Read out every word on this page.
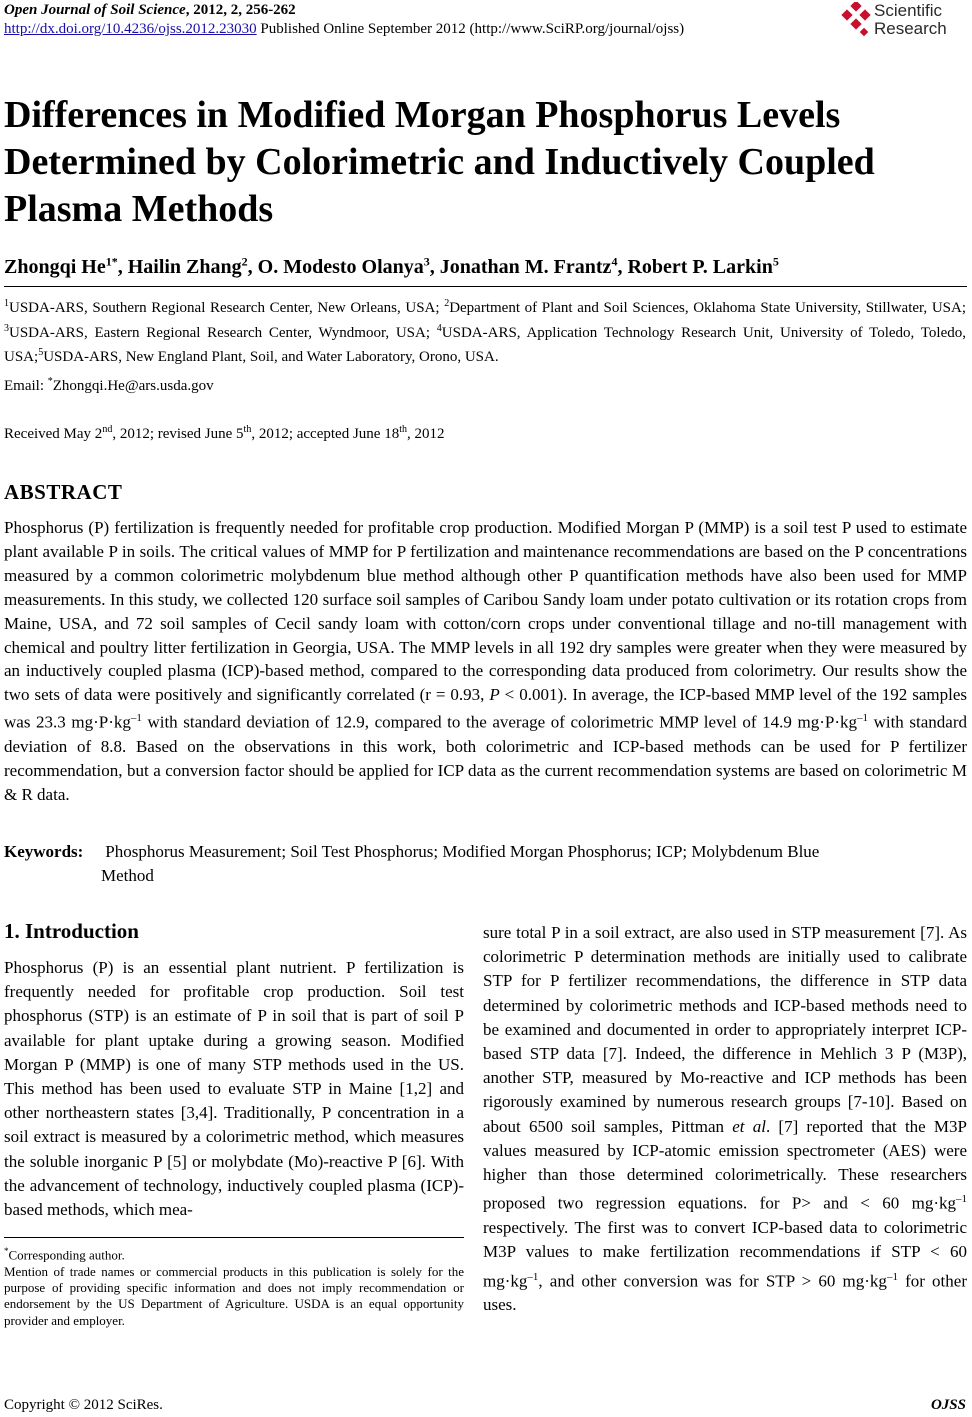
Open Journal of Soil Science, 2012, 2, 256-262
http://dx.doi.org/10.4236/ojss.2012.23030 Published Online September 2012 (http://www.SciRP.org/journal/ojss)
Scientific
Research
Differences in Modified Morgan Phosphorus Levels Determined by Colorimetric and Inductively Coupled Plasma Methods
Zhongqi $He^{1*}$, Hailin Zhang$^2$, O. Modesto Olanya$^3$, Jonathan M. Frantz$^4$, Robert P. Larkin$^5$
$^1$USDA-ARS, Southern Regional Research Center, New Orleans, USA; $^2$Department of Plant and Soil Sciences, Oklahoma State University, Stillwater, USA; $^3$USDA-ARS, Eastern Regional Research Center, Wyndmoor, USA; $^4$USDA-ARS, Application Technology Research Unit, University of Toledo, Toledo, USA;$^5$USDA-ARS, New England Plant, Soil, and Water Laboratory, Orono, USA.
Email: *Zhongqi.He@ars.usda.gov
Received May 2nd, 2012; revised June 5th, 2012; accepted June 18th, 2012
ABSTRACT
Phosphorus (P) fertilization is frequently needed for profitable crop production. Modified Morgan P (MMP) is a soil test P used to estimate plant available P in soils. The critical values of MMP for P fertilization and maintenance recommendations are based on the P concentrations measured by a common colorimetric molybdenum blue method although other P quantification methods have also been used for MMP measurements. In this study, we collected 120 surface soil samples of Caribou Sandy loam under potato cultivation or its rotation crops from Maine, USA, and 72 soil samples of Cecil sandy loam with cotton/corn crops under conventional tillage and no-till management with chemical and poultry litter fertilization in Georgia, USA. The MMP levels in all 192 dry samples were greater when they were measured by an inductively coupled plasma (ICP)-based method, compared to the corresponding data produced from colorimetry. Our results show the two sets of data were positively and significantly correlated (r = 0.93, P < 0.001). In average, the ICP-based MMP level of the 192 samples was 23.3 $mg\cdot P\cdot kg^{-1}$ with standard deviation of 12.9, compared to the average of colorimetric MMP level of 14.9 $mg\cdot P\cdot kg^{-1}$ with standard deviation of 8.8. Based on the observations in this work, both colorimetric and ICP-based methods can be used for P fertilizer recommendation, but a conversion factor should be applied for ICP data as the current recommendation systems are based on colorimetric M & R data.
Keywords: Phosphorus Measurement; Soil Test Phosphorus; Modified Morgan Phosphorus; ICP; Molybdenum Blue
Method
1. Introduction
Phosphorus (P) is an essential plant nutrient. P fertilization is frequently needed for profitable crop production. Soil test phosphorus (STP) is an estimate of P in soil that is part of soil P available for plant uptake during a growing season. Modified Morgan P (MMP) is one of many STP methods used in the US. This method has been used to evaluate STP in Maine [1,2] and other northeastern states [3,4]. Traditionally, P concentration in a soil extract is measured by a colorimetric method, which measures the soluble inorganic P [5] or molybdate (Mo)-reactive P [6]. With the advancement of technology, inductively coupled plasma (ICP)-based methods, which mea-
sure total P in a soil extract, are also used in STP measurement [7]. As colorimetric P determination methods are initially used to calibrate STP for P fertilizer recommendations, the difference in STP data determined by colorimetric methods and ICP-based methods need to be examined and documented in order to appropriately interpret ICP-based STP data [7]. Indeed, the difference in Mehlich 3 P (M3P), another STP, measured by Mo-reactive and ICP methods has been rigorously examined by numerous research groups [7-10]. Based on about 6500 soil samples, Pittman et al. [7] reported that the M3P values measured by ICP-atomic emission spectrometer (AES) were higher than those determined colorimetrically. These researchers proposed two regression equations. for P> and < 60 $mg\cdot kg^{-1}$ respectively. The first was to convert ICP-based data to colorimetric M3P values to make fertilization recommendations if STP < 60 $mg\cdot kg^{-1}$, and other conversion was for STP > 60 $mg\cdot kg^{-1}$ for other uses.
*Corresponding author.
Mention of trade names or commercial products in this publication is solely for the purpose of providing specific information and does not imply recommendation or endorsement by the US Department of Agriculture. USDA is an equal opportunity provider and employer.
Copyright © 2012 SciRes.	OJSS
